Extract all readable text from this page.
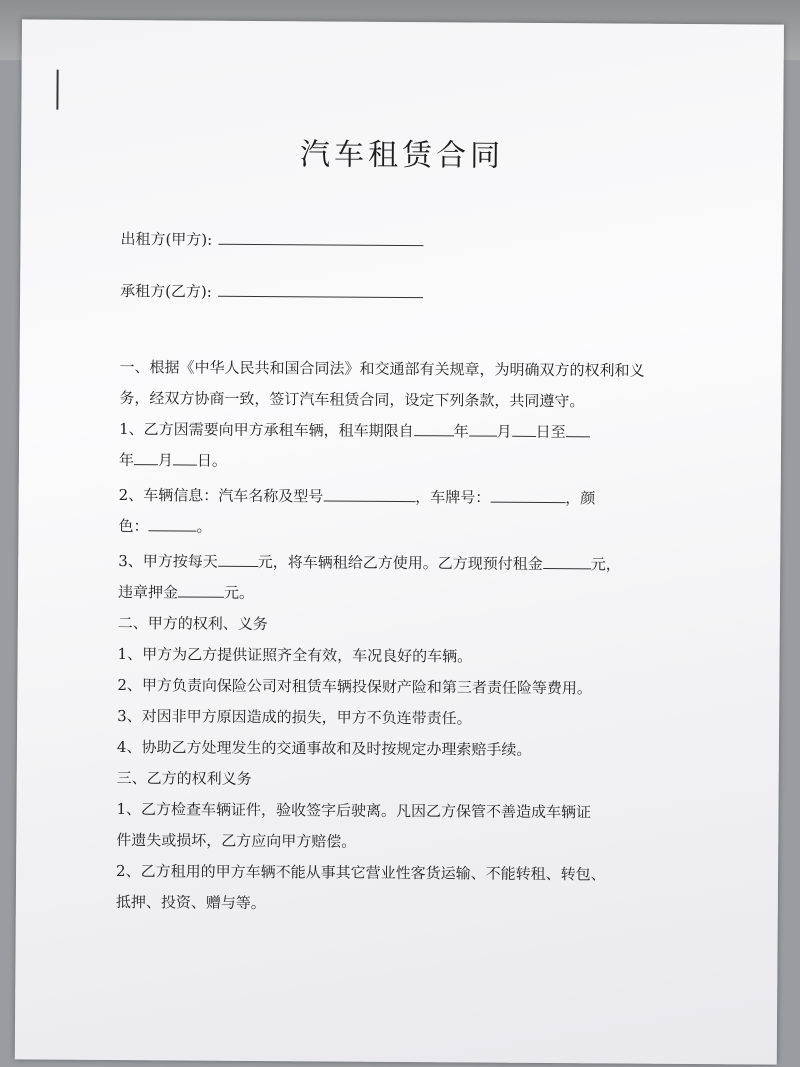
汽车租赁合同
出租方(甲方):
承租方(乙方):
一、根据《中华人民共和国合同法》和交通部有关规章，为明确双方的权利和义
务，经双方协商一致，签订汽车租赁合同，设定下列条款，共同遵守。
1、乙方因需要向甲方承租车辆，租车期限自	年 月 日至
年 月 日。
2、车辆信息：汽车名称及型号	，车牌号：	，颜
色：	。
3、甲方按每天	元，将车辆租给乙方使用。乙方现预付租金	元，
违章押金	元。
二、甲方的权利、义务
1、甲方为乙方提供证照齐全有效，车况良好的车辆。
2、甲方负责向保险公司对租赁车辆投保财产险和第三者责任险等费用。
3、对因非甲方原因造成的损失，甲方不负连带责任。
4、协助乙方处理发生的交通事故和及时按规定办理索赔手续。
三、乙方的权利义务
1、乙方检查车辆证件，验收签字后驶离。凡因乙方保管不善造成车辆证
件遗失或损坏，乙方应向甲方赔偿。
2、乙方租用的甲方车辆不能从事其它营业性客货运输、不能转租、转包、
抵押、投资、赠与等。
